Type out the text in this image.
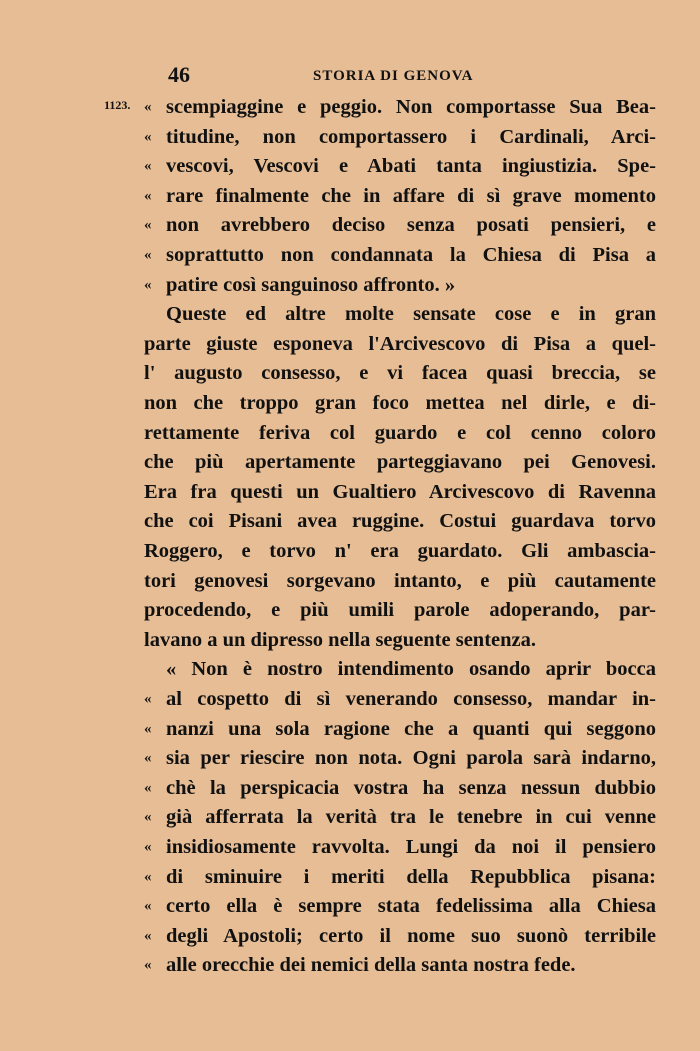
46	STORIA DI GENOVA
1123. « scempiaggine e peggio. Non comportasse Sua Bea-
« titudine, non comportassero i Cardinali, Arci-
« vescovi, Vescovi e Abati tanta ingiustizia. Spe-
« rare finalmente che in affare di sì grave momento
« non avrebbero deciso senza posati pensieri, e
« soprattutto non condannata la Chiesa di Pisa a
« patire così sanguinoso affronto. »
Queste ed altre molte sensate cose e in gran
parte giuste esponeva l'Arcivescovo di Pisa a quel-
l' augusto consesso, e vi facea quasi breccia, se
non che troppo gran foco mettea nel dirle, e di-
rettamente feriva col guardo e col cenno coloro
che più apertamente parteggiavano pei Genovesi.
Era fra questi un Gualtiero Arcivescovo di Ravenna
che coi Pisani avea ruggine. Costui guardava torvo
Roggero, e torvo n' era guardato. Gli ambascia-
tori genovesi sorgevano intanto, e più cautamente
procedendo, e più umili parole adoperando, par-
lavano a un dipresso nella seguente sentenza.
« Non è nostro intendimento osando aprir bocca
« al cospetto di sì venerando consesso, mandar in-
« nanzi una sola ragione che a quanti qui seggono
« sia per riescire non nota. Ogni parola sarà indarno,
« chè la perspicacia vostra ha senza nessun dubbio
« già afferrata la verità tra le tenebre in cui venne
« insidiosamente ravvolta. Lungi da noi il pensiero
« di sminuire i meriti della Repubblica pisana:
« certo ella è sempre stata fedelissima alla Chiesa
« degli Apostoli; certo il nome suo suonò terribile
« alle orecchie dei nemici della santa nostra fede.
